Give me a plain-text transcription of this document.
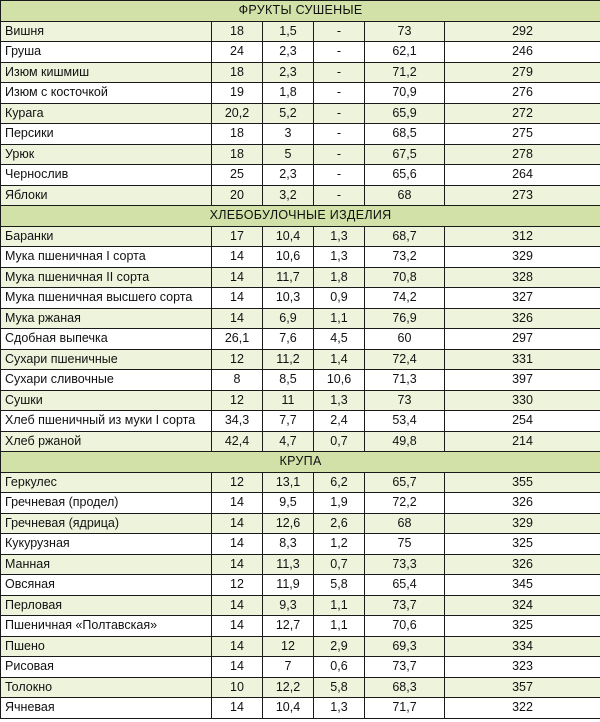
ФРУКТЫ СУШЕНЫЕ					
Вишня	18	1,5	-	73	292
Груша	24	2,3	-	62,1	246
Изюм кишмиш	18	2,3	-	71,2	279
Изюм с косточкой	19	1,8	-	70,9	276
Курага	20,2	5,2	-	65,9	272
Персики	18	3	-	68,5	275
Урюк	18	5	-	67,5	278
Чернослив	25	2,3	-	65,6	264
Яблоки	20	3,2	-	68	273
ХЛЕБОБУЛОЧНЫЕ ИЗДЕЛИЯ					
Баранки	17	10,4	1,3	68,7	312
Мука пшеничная I сорта	14	10,6	1,3	73,2	329
Мука пшеничная II сорта	14	11,7	1,8	70,8	328
Мука пшеничная высшего сорта	14	10,3	0,9	74,2	327
Мука ржаная	14	6,9	1,1	76,9	326
Сдобная выпечка	26,1	7,6	4,5	60	297
Сухари пшеничные	12	11,2	1,4	72,4	331
Сухари сливочные	8	8,5	10,6	71,3	397
Сушки	12	11	1,3	73	330
Хлеб пшеничный из муки I сорта	34,3	7,7	2,4	53,4	254
Хлеб ржаной	42,4	4,7	0,7	49,8	214
КРУПА					
Геркулес	12	13,1	6,2	65,7	355
Гречневая (продел)	14	9,5	1,9	72,2	326
Гречневая (ядрица)	14	12,6	2,6	68	329
Кукурузная	14	8,3	1,2	75	325
Манная	14	11,3	0,7	73,3	326
Овсяная	12	11,9	5,8	65,4	345
Перловая	14	9,3	1,1	73,7	324
Пшеничная «Полтавская»	14	12,7	1,1	70,6	325
Пшено	14	12	2,9	69,3	334
Рисовая	14	7	0,6	73,7	323
Толокно	10	12,2	5,8	68,3	357
Ячневая	14	10,4	1,3	71,7	322
